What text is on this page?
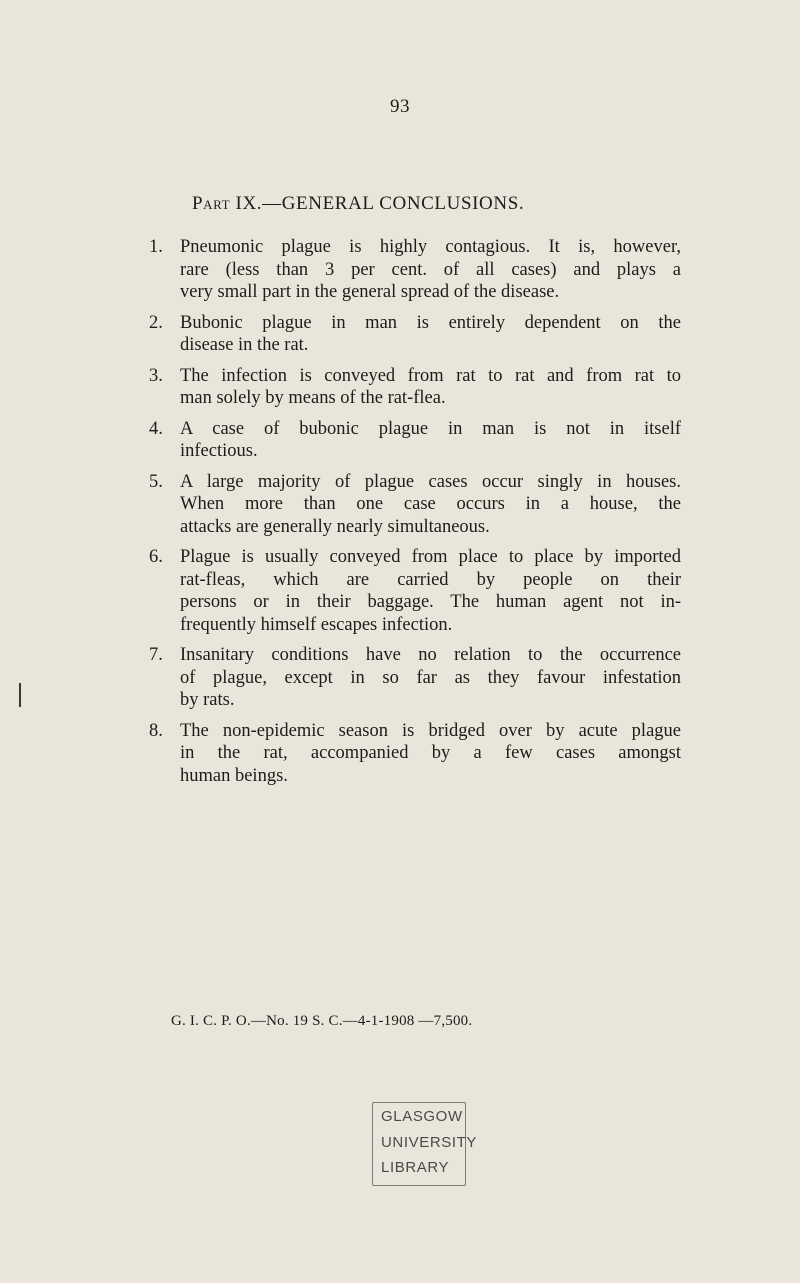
93
Part IX.—GENERAL CONCLUSIONS.
1. Pneumonic plague is highly contagious. It is, however,
rare (less than 3 per cent. of all cases) and plays a
very small part in the general spread of the disease.
2. Bubonic plague in man is entirely dependent on the
disease in the rat.
3. The infection is conveyed from rat to rat and from rat to
man solely by means of the rat-flea.
4. A case of bubonic plague in man is not in itself
infectious.
5. A large majority of plague cases occur singly in houses.
When more than one case occurs in a house, the
attacks are generally nearly simultaneous.
6. Plague is usually conveyed from place to place by imported
rat-fleas, which are carried by people on their
persons or in their baggage. The human agent not in-
frequently himself escapes infection.
7. Insanitary conditions have no relation to the occurrence
of plague, except in so far as they favour infestation
by rats.
8. The non-epidemic season is bridged over by acute plague
in the rat, accompanied by a few cases amongst
human beings.
G. I. C. P. O.—No. 19 S. C.—4-1-1908 —7,500.
GLASGOW
UNIVERSITY
LIBRARY
